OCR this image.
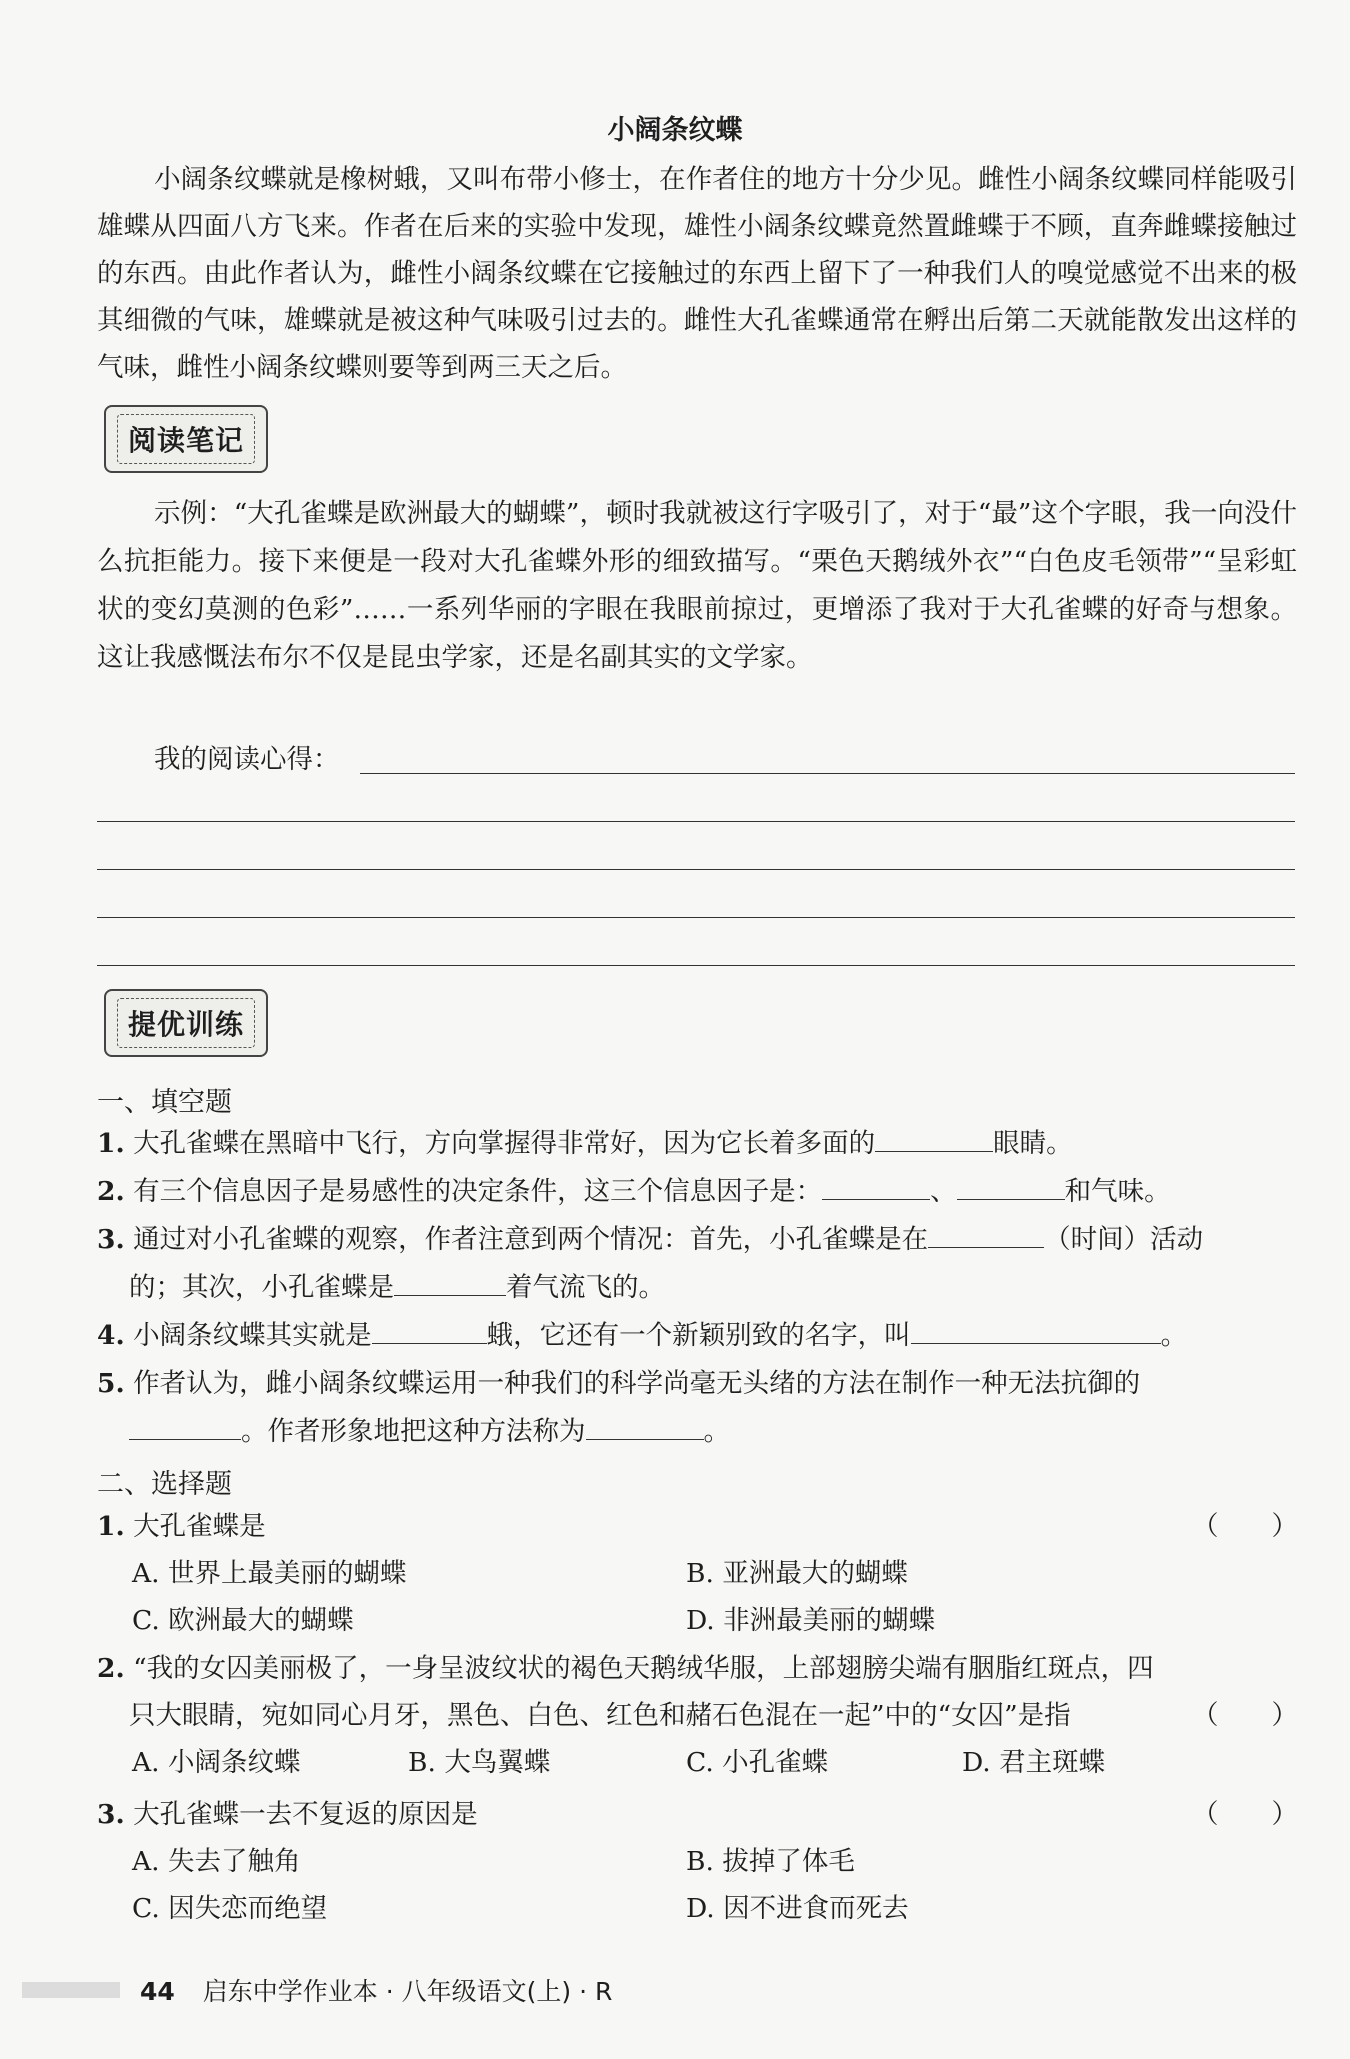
小阔条纹蝶
小阔条纹蝶就是橡树蛾，又叫布带小修士，在作者住的地方十分少见。雌性小阔条纹蝶同样能吸引雄蝶从四面八方飞来。作者在后来的实验中发现，雄性小阔条纹蝶竟然置雌蝶于不顾，直奔雌蝶接触过的东西。由此作者认为，雌性小阔条纹蝶在它接触过的东西上留下了一种我们人的嗅觉感觉不出来的极其细微的气味，雄蝶就是被这种气味吸引过去的。雌性大孔雀蝶通常在孵出后第二天就能散发出这样的气味，雌性小阔条纹蝶则要等到两三天之后。
阅读笔记
示例：“大孔雀蝶是欧洲最大的蝴蝶”，顿时我就被这行字吸引了，对于“最”这个字眼，我一向没什么抗拒能力。接下来便是一段对大孔雀蝶外形的细致描写。“栗色天鹅绒外衣”“白色皮毛领带”“呈彩虹状的变幻莫测的色彩”……一系列华丽的字眼在我眼前掠过，更增添了我对于大孔雀蝶的好奇与想象。这让我感慨法布尔不仅是昆虫学家，还是名副其实的文学家。
我的阅读心得：
提优训练
一、填空题
1. 大孔雀蝶在黑暗中飞行，方向掌握得非常好，因为它长着多面的	眼睛。
2. 有三个信息因子是易感性的决定条件，这三个信息因子是：	、	和气味。
3. 通过对小孔雀蝶的观察，作者注意到两个情况：首先，小孔雀蝶是在	（时间）活动
的；其次，小孔雀蝶是	着气流飞的。
4. 小阔条纹蝶其实就是	蛾，它还有一个新颖别致的名字，叫	。
5. 作者认为，雌小阔条纹蝶运用一种我们的科学尚毫无头绪的方法在制作一种无法抗御的
。作者形象地把这种方法称为	。
二、选择题
1. 大孔雀蝶是	（　　）
A. 世界上最美丽的蝴蝶	B. 亚洲最大的蝴蝶
C. 欧洲最大的蝴蝶	D. 非洲最美丽的蝴蝶
2. “我的女囚美丽极了，一身呈波纹状的褐色天鹅绒华服，上部翅膀尖端有胭脂红斑点，四
只大眼睛，宛如同心月牙，黑色、白色、红色和赭石色混在一起”中的“女囚”是指	（　　）
A. 小阔条纹蝶	B. 大鸟翼蝶	C. 小孔雀蝶	D. 君主斑蝶
3. 大孔雀蝶一去不复返的原因是	（　　）
A. 失去了触角	B. 拔掉了体毛
C. 因失恋而绝望	D. 因不进食而死去
44 启东中学作业本 · 八年级语文(上) · R
